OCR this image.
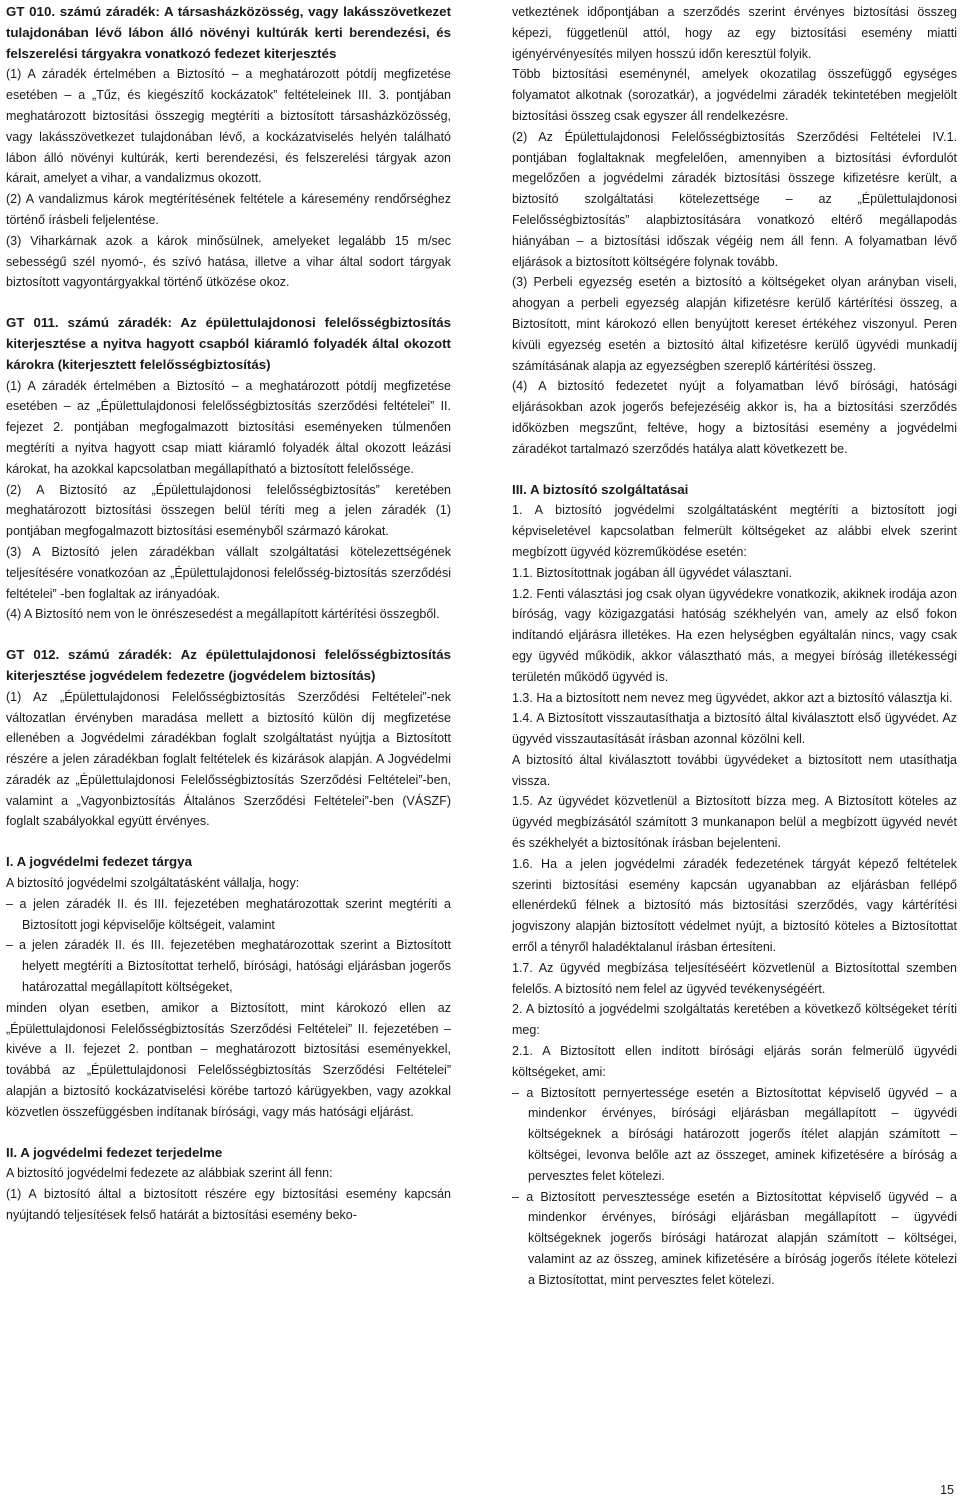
GT 010. számú záradék: A társasházközösség, vagy lakásszövetkezet tulajdonában lévő lábon álló növényi kultúrák kerti berendezési, és felszerelési tárgyakra vonatkozó fedezet kiterjesztés

(1) A záradék értelmében a Biztosító – a meghatározott pótdíj megfizetése esetében – a „Tűz, és kiegészítő kockázatok” feltételeinek III. 3. pontjában meghatározott biztosítási összegig megtéríti a biztosított társasházközösség, vagy lakásszövetkezet tulajdonában lévő, a kockázatviselés helyén található lábon álló növényi kultúrák, kerti berendezési, és felszerelési tárgyak azon kárait, amelyet a vihar, a vandalizmus okozott.

(2) A vandalizmus károk megtérítésének feltétele a káresemény rendőrséghez történő írásbeli feljelentése.

(3) Viharkárnak azok a károk minősülnek, amelyeket legalább 15 m/sec sebességű szél nyomó-, és szívó hatása, illetve a vihar által sodort tárgyak biztosított vagyontárgyakkal történő ütközése okoz.

GT 011. számú záradék: Az épülettulajdonosi felelősségbiztosítás kiterjesztése a nyitva hagyott csapból kiáramló folyadék által okozott károkra (kiterjesztett felelősségbiztosítás)

(1) A záradék értelmében a Biztosító – a meghatározott pótdíj megfizetése esetében – az „Épülettulajdonosi felelősségbiztosítás szerződési feltételei” II. fejezet 2. pontjában megfogalmazott biztosítási eseményeken túlmenően megtéríti a nyitva hagyott csap miatt kiáramló folyadék által okozott leázási károkat, ha azokkal kapcsolatban megállapítható a biztosított felelőssége.

(2) A Biztosító az „Épülettulajdonosi felelősségbiztosítás” keretében meghatározott biztosítási összegen belül téríti meg a jelen záradék (1) pontjában megfogalmazott biztosítási eseményből származó károkat.

(3) A Biztosító jelen záradékban vállalt szolgáltatási kötelezettségének teljesítésére vonatkozóan az „Épülettulajdonosi felelősség-biztosítás szerződési feltételei” -ben foglaltak az irányadóak.

(4) A Biztosító nem von le önrészesedést a megállapított kártérítési összegből.

GT 012. számú záradék: Az épülettulajdonosi felelősségbiztosítás kiterjesztése jogvédelem fedezetre (jogvédelem biztosítás)

(1) Az „Épülettulajdonosi Felelősségbiztosítás Szerződési Feltételei”-nek változatlan érvényben maradása mellett a biztosító külön díj megfizetése ellenében a Jogvédelmi záradékban foglalt szolgáltatást nyújtja a Biztosított részére a jelen záradékban foglalt feltételek és kizárások alapján. A Jogvédelmi záradék az „Épülettulajdonosi Felelősségbiztosítás Szerződési Feltételei”-ben, valamint a „Vagyonbiztosítás Általános Szerződési Feltételei”-ben (VÁSZF) foglalt szabályokkal együtt érvényes.

I. A jogvédelmi fedezet tárgya

A biztosító jogvédelmi szolgáltatásként vállalja, hogy:

– a jelen záradék II. és III. fejezetében meghatározottak szerint megtéríti a Biztosított jogi képviselője költségeit, valamint

– a jelen záradék II. és III. fejezetében meghatározottak szerint a Biztosított helyett megtéríti a Biztosítottat terhelő, bírósági, hatósági eljárásban jogerős határozattal megállapított költségeket,

minden olyan esetben, amikor a Biztosított, mint károkozó ellen az „Épülettulajdonosi Felelősségbiztosítás Szerződési Feltételei” II. fejezetében – kivéve a II. fejezet 2. pontban – meghatározott biztosítási eseményekkel, továbbá az „Épülettulajdonosi Felelősségbiztosítás Szerződési Feltételei” alapján a biztosító kockázatviselési körébe tartozó kárügyekben, vagy azokkal közvetlen összefüggésben indítanak bírósági, vagy más hatósági eljárást.

II. A jogvédelmi fedezet terjedelme

A biztosító jogvédelmi fedezete az alábbiak szerint áll fenn:

(1) A biztosító által a biztosított részére egy biztosítási esemény kapcsán nyújtandó teljesítések felső határát a biztosítási esemény beko-

vetkeztének időpontjában a szerződés szerint érvényes biztosítási összeg képezi, függetlenül attól, hogy az egy biztosítási esemény miatti igényérvényesítés milyen hosszú időn keresztül folyik.

Több biztosítási eseménynél, amelyek okozatilag összefüggő egységes folyamatot alkotnak (sorozatkár), a jogvédelmi záradék tekintetében megjelölt biztosítási összeg csak egyszer áll rendelkezésre.

(2) Az Épülettulajdonosi Felelősségbiztosítás Szerződési Feltételei IV.1. pontjában foglaltaknak megfelelően, amennyiben a biztosítási évfordulót megelőzően a jogvédelmi záradék biztosítási összege kifizetésre került, a biztosító szolgáltatási kötelezettsége – az „Épülettulajdonosi Felelősségbiztosítás” alapbiztosítására vonatkozó eltérő megállapodás hiányában – a biztosítási időszak végéig nem áll fenn. A folyamatban lévő eljárások a biztosított költségére folynak tovább.

(3) Perbeli egyezség esetén a biztosító a költségeket olyan arányban viseli, ahogyan a perbeli egyezség alapján kifizetésre kerülő kártérítési összeg, a Biztosított, mint károkozó ellen benyújtott kereset értékéhez viszonyul. Peren kívüli egyezség esetén a biztosító által kifizetésre kerülő ügyvédi munkadíj számításának alapja az egyezségben szereplő kártérítési összeg.

(4) A biztosító fedezetet nyújt a folyamatban lévő bírósági, hatósági eljárásokban azok jogerős befejezéséig akkor is, ha a biztosítási szerződés időközben megszűnt, feltéve, hogy a biztosítási esemény a jogvédelmi záradékot tartalmazó szerződés hatálya alatt következett be.

III. A biztosító szolgáltatásai

1. A biztosító jogvédelmi szolgáltatásként megtéríti a biztosított jogi képviseletével kapcsolatban felmerült költségeket az alábbi elvek szerint megbízott ügyvéd közreműködése esetén:

1.1. Biztosítottnak jogában áll ügyvédet választani.

1.2. Fenti választási jog csak olyan ügyvédekre vonatkozik, akiknek irodája azon bíróság, vagy közigazgatási hatóság székhelyén van, amely az első fokon indítandó eljárásra illetékes. Ha ezen helységben egyáltalán nincs, vagy csak egy ügyvéd működik, akkor választható más, a megyei bíróság illetékességi területén működő ügyvéd is.

1.3. Ha a biztosított nem nevez meg ügyvédet, akkor azt a biztosító választja ki.

1.4. A Biztosított visszautasíthatja a biztosító által kiválasztott első ügyvédet. Az ügyvéd visszautasítását írásban azonnal közölni kell.

A biztosító által kiválasztott további ügyvédeket a biztosított nem utasíthatja vissza.

1.5. Az ügyvédet közvetlenül a Biztosított bízza meg. A Biztosított köteles az ügyvéd megbízásától számított 3 munkanapon belül a megbízott ügyvéd nevét és székhelyét a biztosítónak írásban bejelenteni.

1.6. Ha a jelen jogvédelmi záradék fedezetének tárgyát képező feltételek szerinti biztosítási esemény kapcsán ugyanabban az eljárásban fellépő ellenérdekű félnek a biztosító más biztosítási szerződés, vagy kártérítési jogviszony alapján biztosított védelmet nyújt, a biztosító köteles a Biztosítottat erről a tényről haladéktalanul írásban értesíteni.

1.7. Az ügyvéd megbízása teljesítéséért közvetlenül a Biztosítottal szemben felelős. A biztosító nem felel az ügyvéd tevékenységéért.

2. A biztosító a jogvédelmi szolgáltatás keretében a következő költségeket téríti meg:

2.1. A Biztosított ellen indított bírósági eljárás során felmerülő ügyvédi költségeket, ami:

– a Biztosított pernyertessége esetén a Biztosítottat képviselő ügyvéd – a mindenkor érvényes, bírósági eljárásban megállapított – ügyvédi költségeknek a bírósági határozott jogerős ítélet alapján számított – költségei, levonva belőle azt az összeget, aminek kifizetésére a bíróság a pervesztes felet kötelezi.

– a Biztosított pervesztessége esetén a Biztosítottat képviselő ügyvéd – a mindenkor érvényes, bírósági eljárásban megállapított – ügyvédi költségeknek jogerős bírósági határozat alapján számított – költségei, valamint az az összeg, aminek kifizetésére a bíróság jogerős ítélete kötelezi a Biztosítottat, mint pervesztes felet kötelezi.

15
